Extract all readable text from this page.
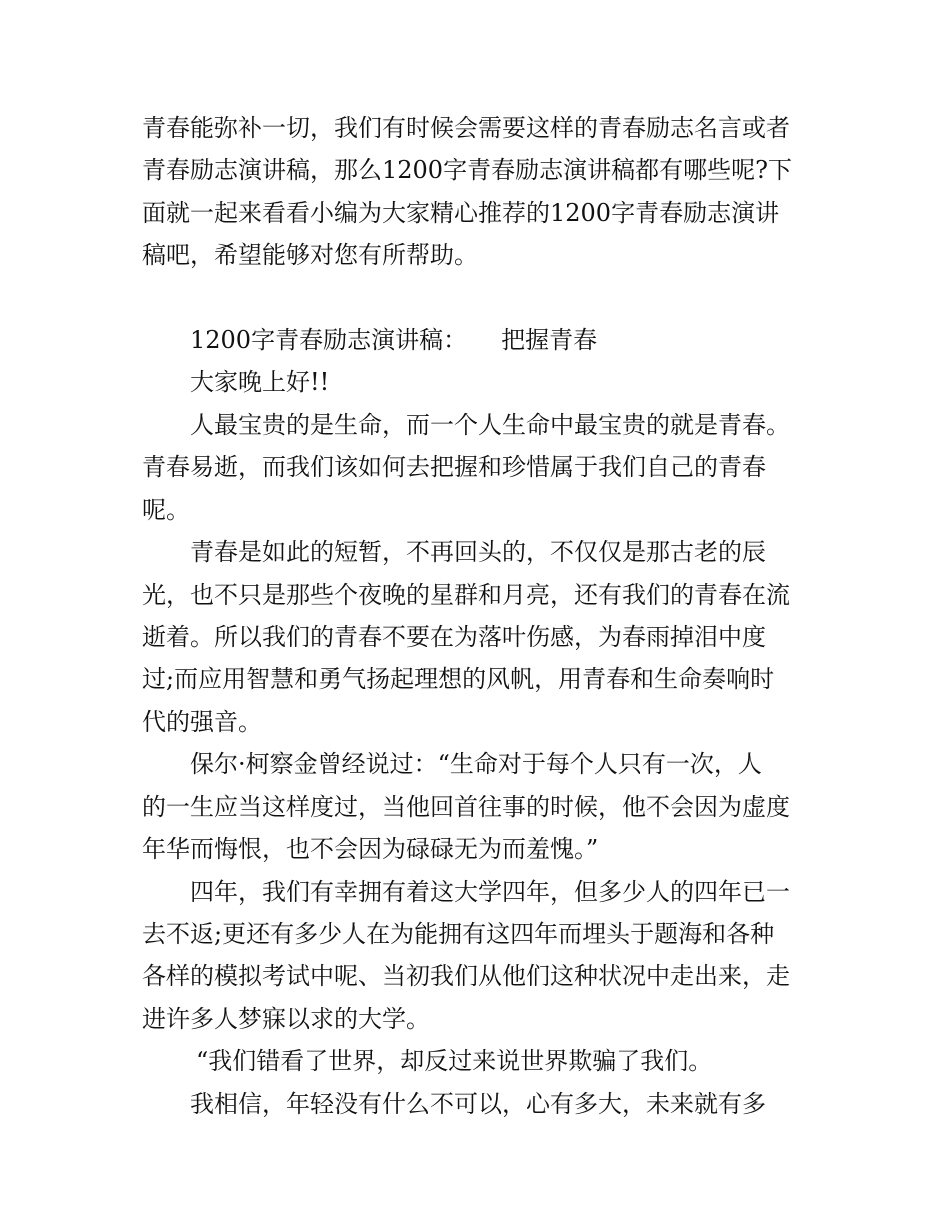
青春能弥补一切，我们有时候会需要这样的青春励志名言或者
青春励志演讲稿，那么1200字青春励志演讲稿都有哪些呢?下
面就一起来看看小编为大家精心推荐的1200字青春励志演讲
稿吧，希望能够对您有所帮助。
1200字青春励志演讲稿： 把握青春
大家晚上好!!
人最宝贵的是生命，而一个人生命中最宝贵的就是青春。
青春易逝，而我们该如何去把握和珍惜属于我们自己的青春
呢。
青春是如此的短暂，不再回头的，不仅仅是那古老的辰
光，也不只是那些个夜晚的星群和月亮，还有我们的青春在流
逝着。所以我们的青春不要在为落叶伤感，为春雨掉泪中度
过;而应用智慧和勇气扬起理想的风帆，用青春和生命奏响时
代的强音。
保尔·柯察金曾经说过：“生命对于每个人只有一次，人
的一生应当这样度过，当他回首往事的时候，他不会因为虚度
年华而悔恨，也不会因为碌碌无为而羞愧。”
四年，我们有幸拥有着这大学四年，但多少人的四年已一
去不返;更还有多少人在为能拥有这四年而埋头于题海和各种
各样的模拟考试中呢、当初我们从他们这种状况中走出来，走
进许多人梦寐以求的大学。
“我们错看了世界，却反过来说世界欺骗了我们。
我相信，年轻没有什么不可以，心有多大，未来就有多
